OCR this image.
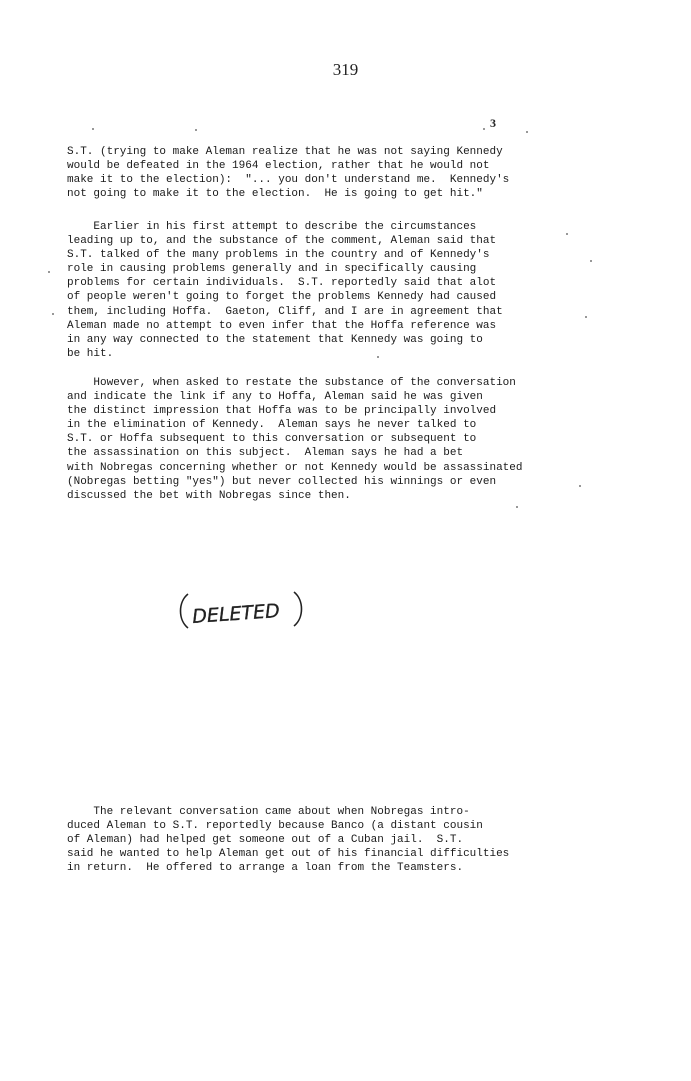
319
3

S.T. (trying to make Aleman realize that he was not saying Kennedy
would be defeated in the 1964 election, rather that he would not
make it to the election):  "... you don't understand me.  Kennedy's
not going to make it to the election.  He is going to get hit."

Earlier in his first attempt to describe the circumstances
leading up to, and the substance of the comment, Aleman said that
S.T. talked of the many problems in the country and of Kennedy's
role in causing problems generally and in specifically causing
problems for certain individuals.  S.T. reportedly said that alot
of people weren't going to forget the problems Kennedy had caused
them, including Hoffa.  Gaeton, Cliff, and I are in agreement that
Aleman made no attempt to even infer that the Hoffa reference was
in any way connected to the statement that Kennedy was going to
be hit.

However, when asked to restate the substance of the conversation
and indicate the link if any to Hoffa, Aleman said he was given
the distinct impression that Hoffa was to be principally involved
in the elimination of Kennedy.  Aleman says he never talked to
S.T. or Hoffa subsequent to this conversation or subsequent to
the assassination on this subject.  Aleman says he had a bet
with Nobregas concerning whether or not Kennedy would be assassinated
(Nobregas betting "yes") but never collected his winnings or even
discussed the bet with Nobregas since then.

DELETED

The relevant conversation came about when Nobregas intro-
duced Aleman to S.T. reportedly because Banco (a distant cousin
of Aleman) had helped get someone out of a Cuban jail.  S.T.
said he wanted to help Aleman get out of his financial difficulties
in return.  He offered to arrange a loan from the Teamsters.
